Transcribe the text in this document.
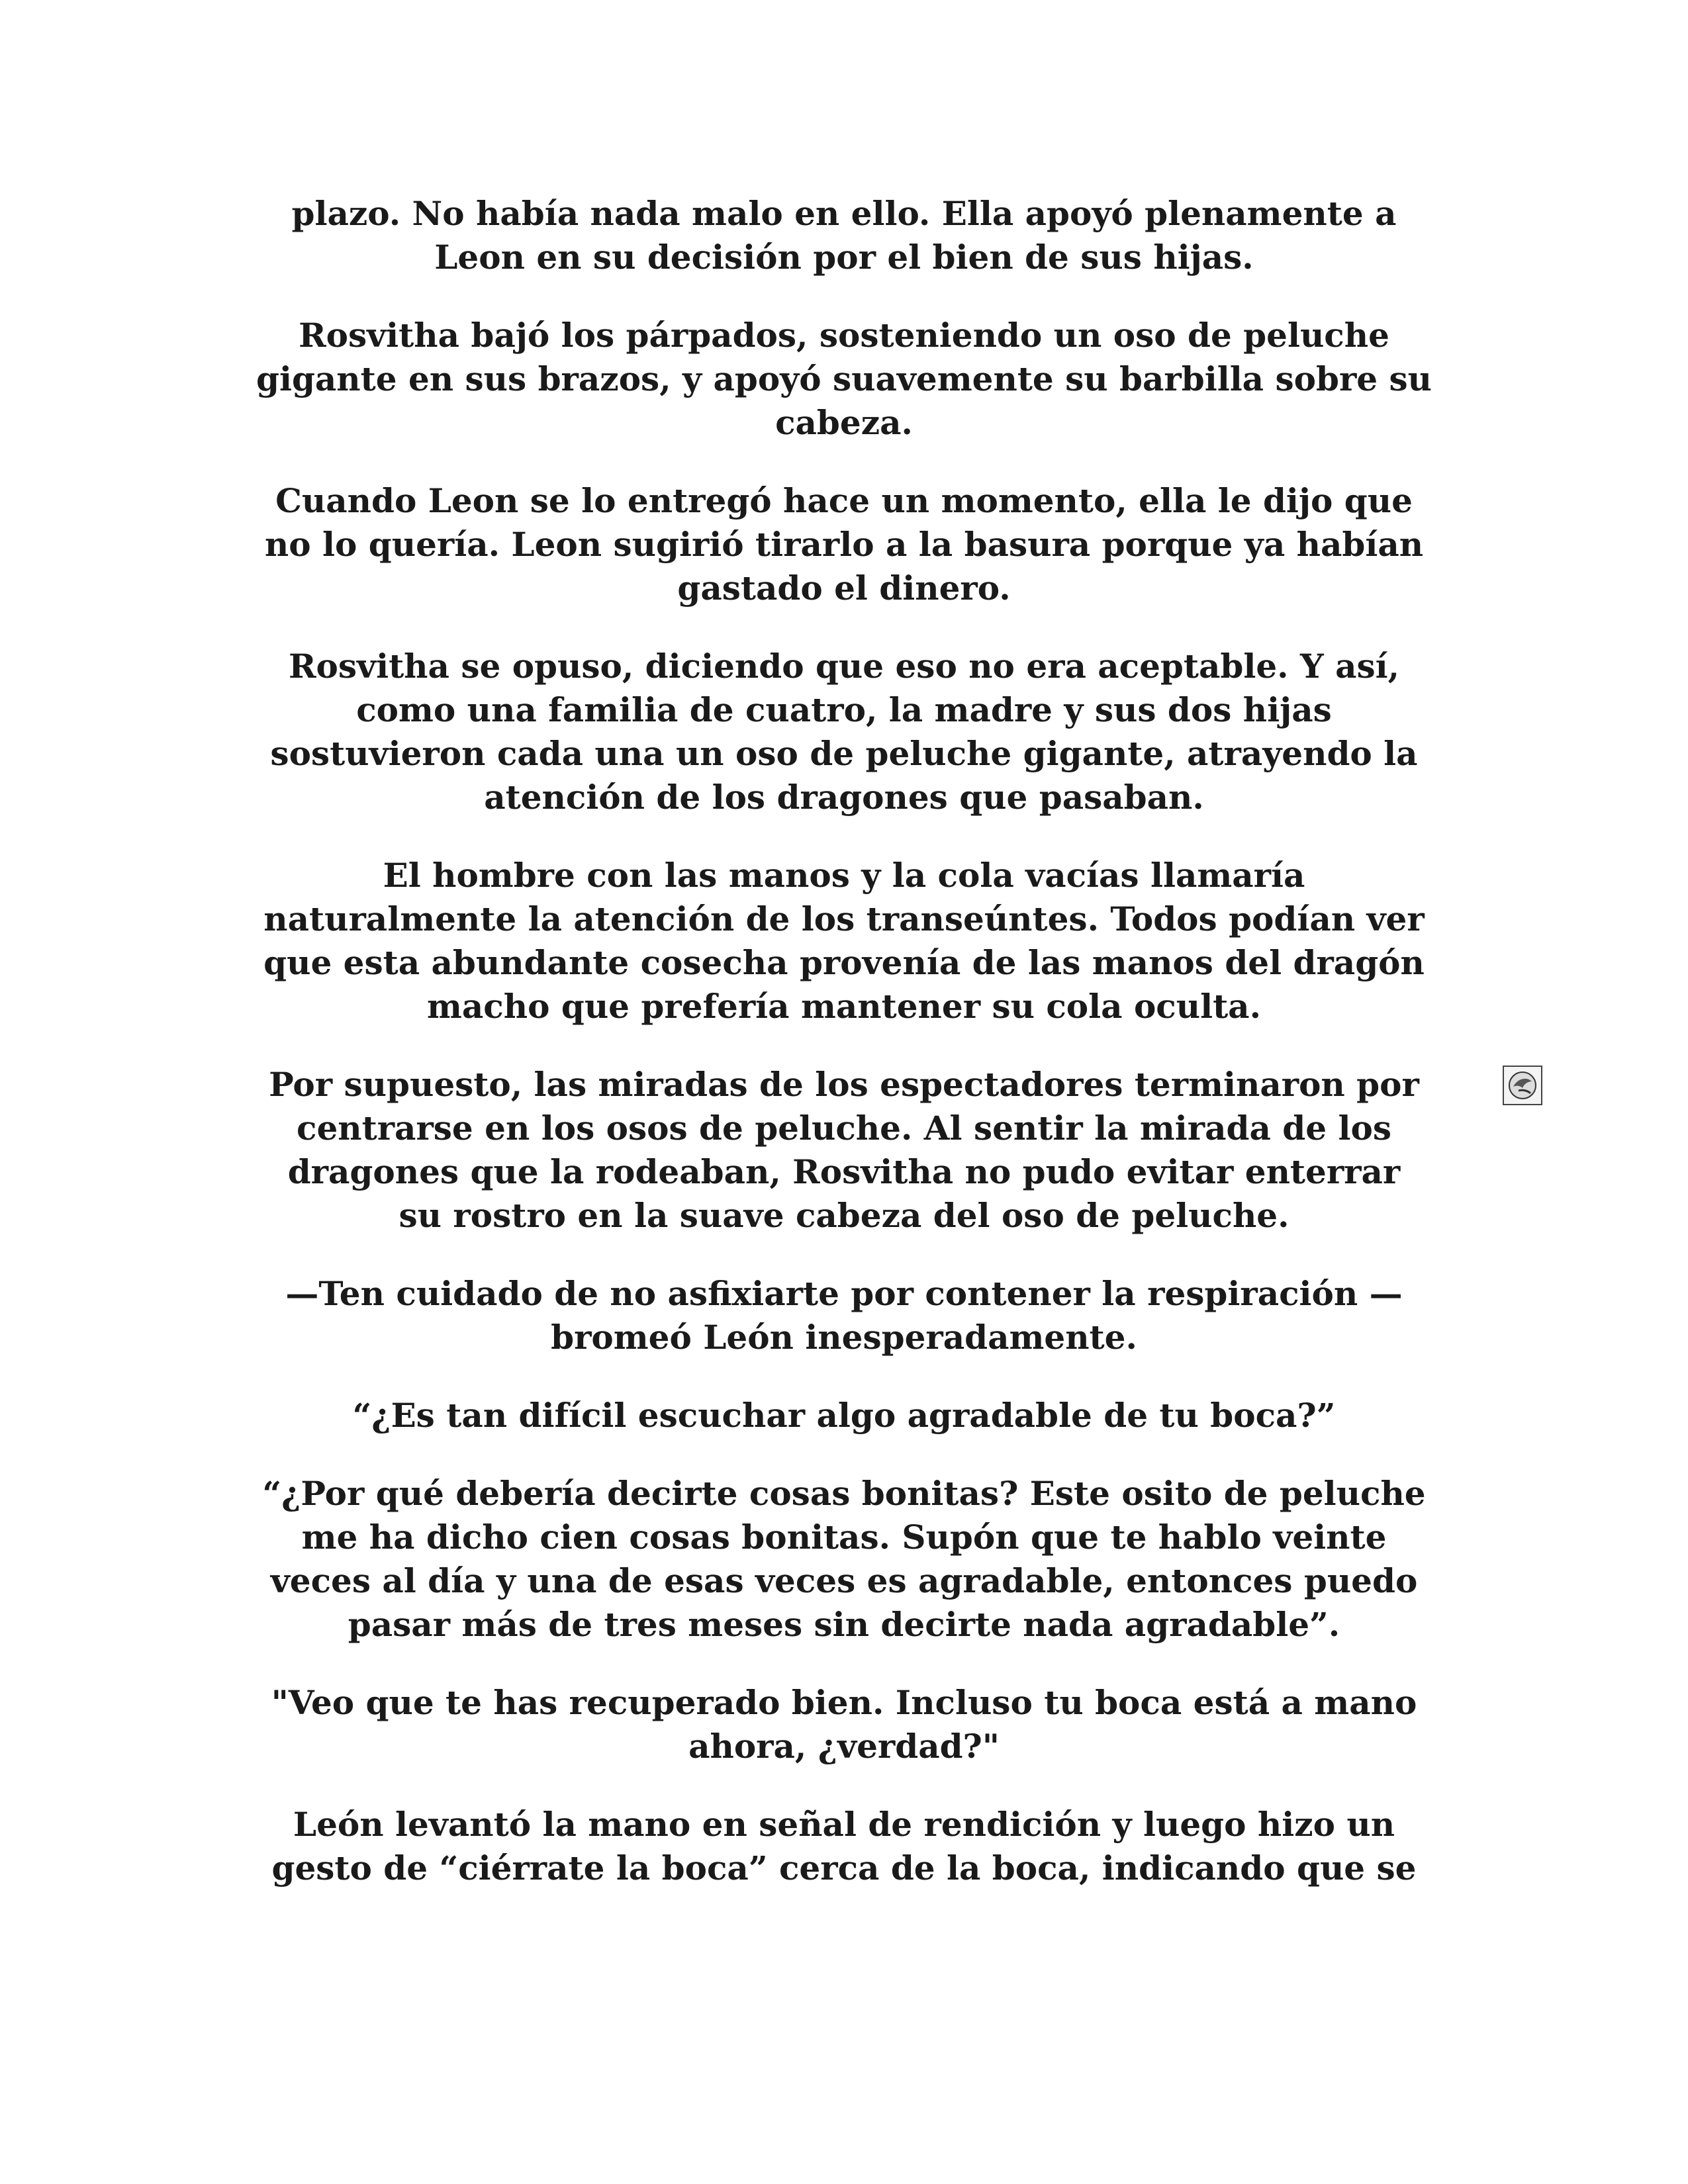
plazo. No había nada malo en ello. Ella apoyó plenamente a
Leon en su decisión por el bien de sus hijas.

Rosvitha bajó los párpados, sosteniendo un oso de peluche
gigante en sus brazos, y apoyó suavemente su barbilla sobre su
cabeza.

Cuando Leon se lo entregó hace un momento, ella le dijo que
no lo quería. Leon sugirió tirarlo a la basura porque ya habían
gastado el dinero.

Rosvitha se opuso, diciendo que eso no era aceptable. Y así,
como una familia de cuatro, la madre y sus dos hijas
sostuvieron cada una un oso de peluche gigante, atrayendo la
atención de los dragones que pasaban.

El hombre con las manos y la cola vacías llamaría
naturalmente la atención de los transeúntes. Todos podían ver
que esta abundante cosecha provenía de las manos del dragón
macho que prefería mantener su cola oculta.

Por supuesto, las miradas de los espectadores terminaron por
centrarse en los osos de peluche. Al sentir la mirada de los
dragones que la rodeaban, Rosvitha no pudo evitar enterrar
su rostro en la suave cabeza del oso de peluche.

—Ten cuidado de no asfixiarte por contener la respiración —
bromeó León inesperadamente.

“¿Es tan difícil escuchar algo agradable de tu boca?”

“¿Por qué debería decirte cosas bonitas? Este osito de peluche
me ha dicho cien cosas bonitas. Supón que te hablo veinte
veces al día y una de esas veces es agradable, entonces puedo
pasar más de tres meses sin decirte nada agradable”.

"Veo que te has recuperado bien. Incluso tu boca está a mano
ahora, ¿verdad?"

León levantó la mano en señal de rendición y luego hizo un
gesto de “ciérrate la boca” cerca de la boca, indicando que se
